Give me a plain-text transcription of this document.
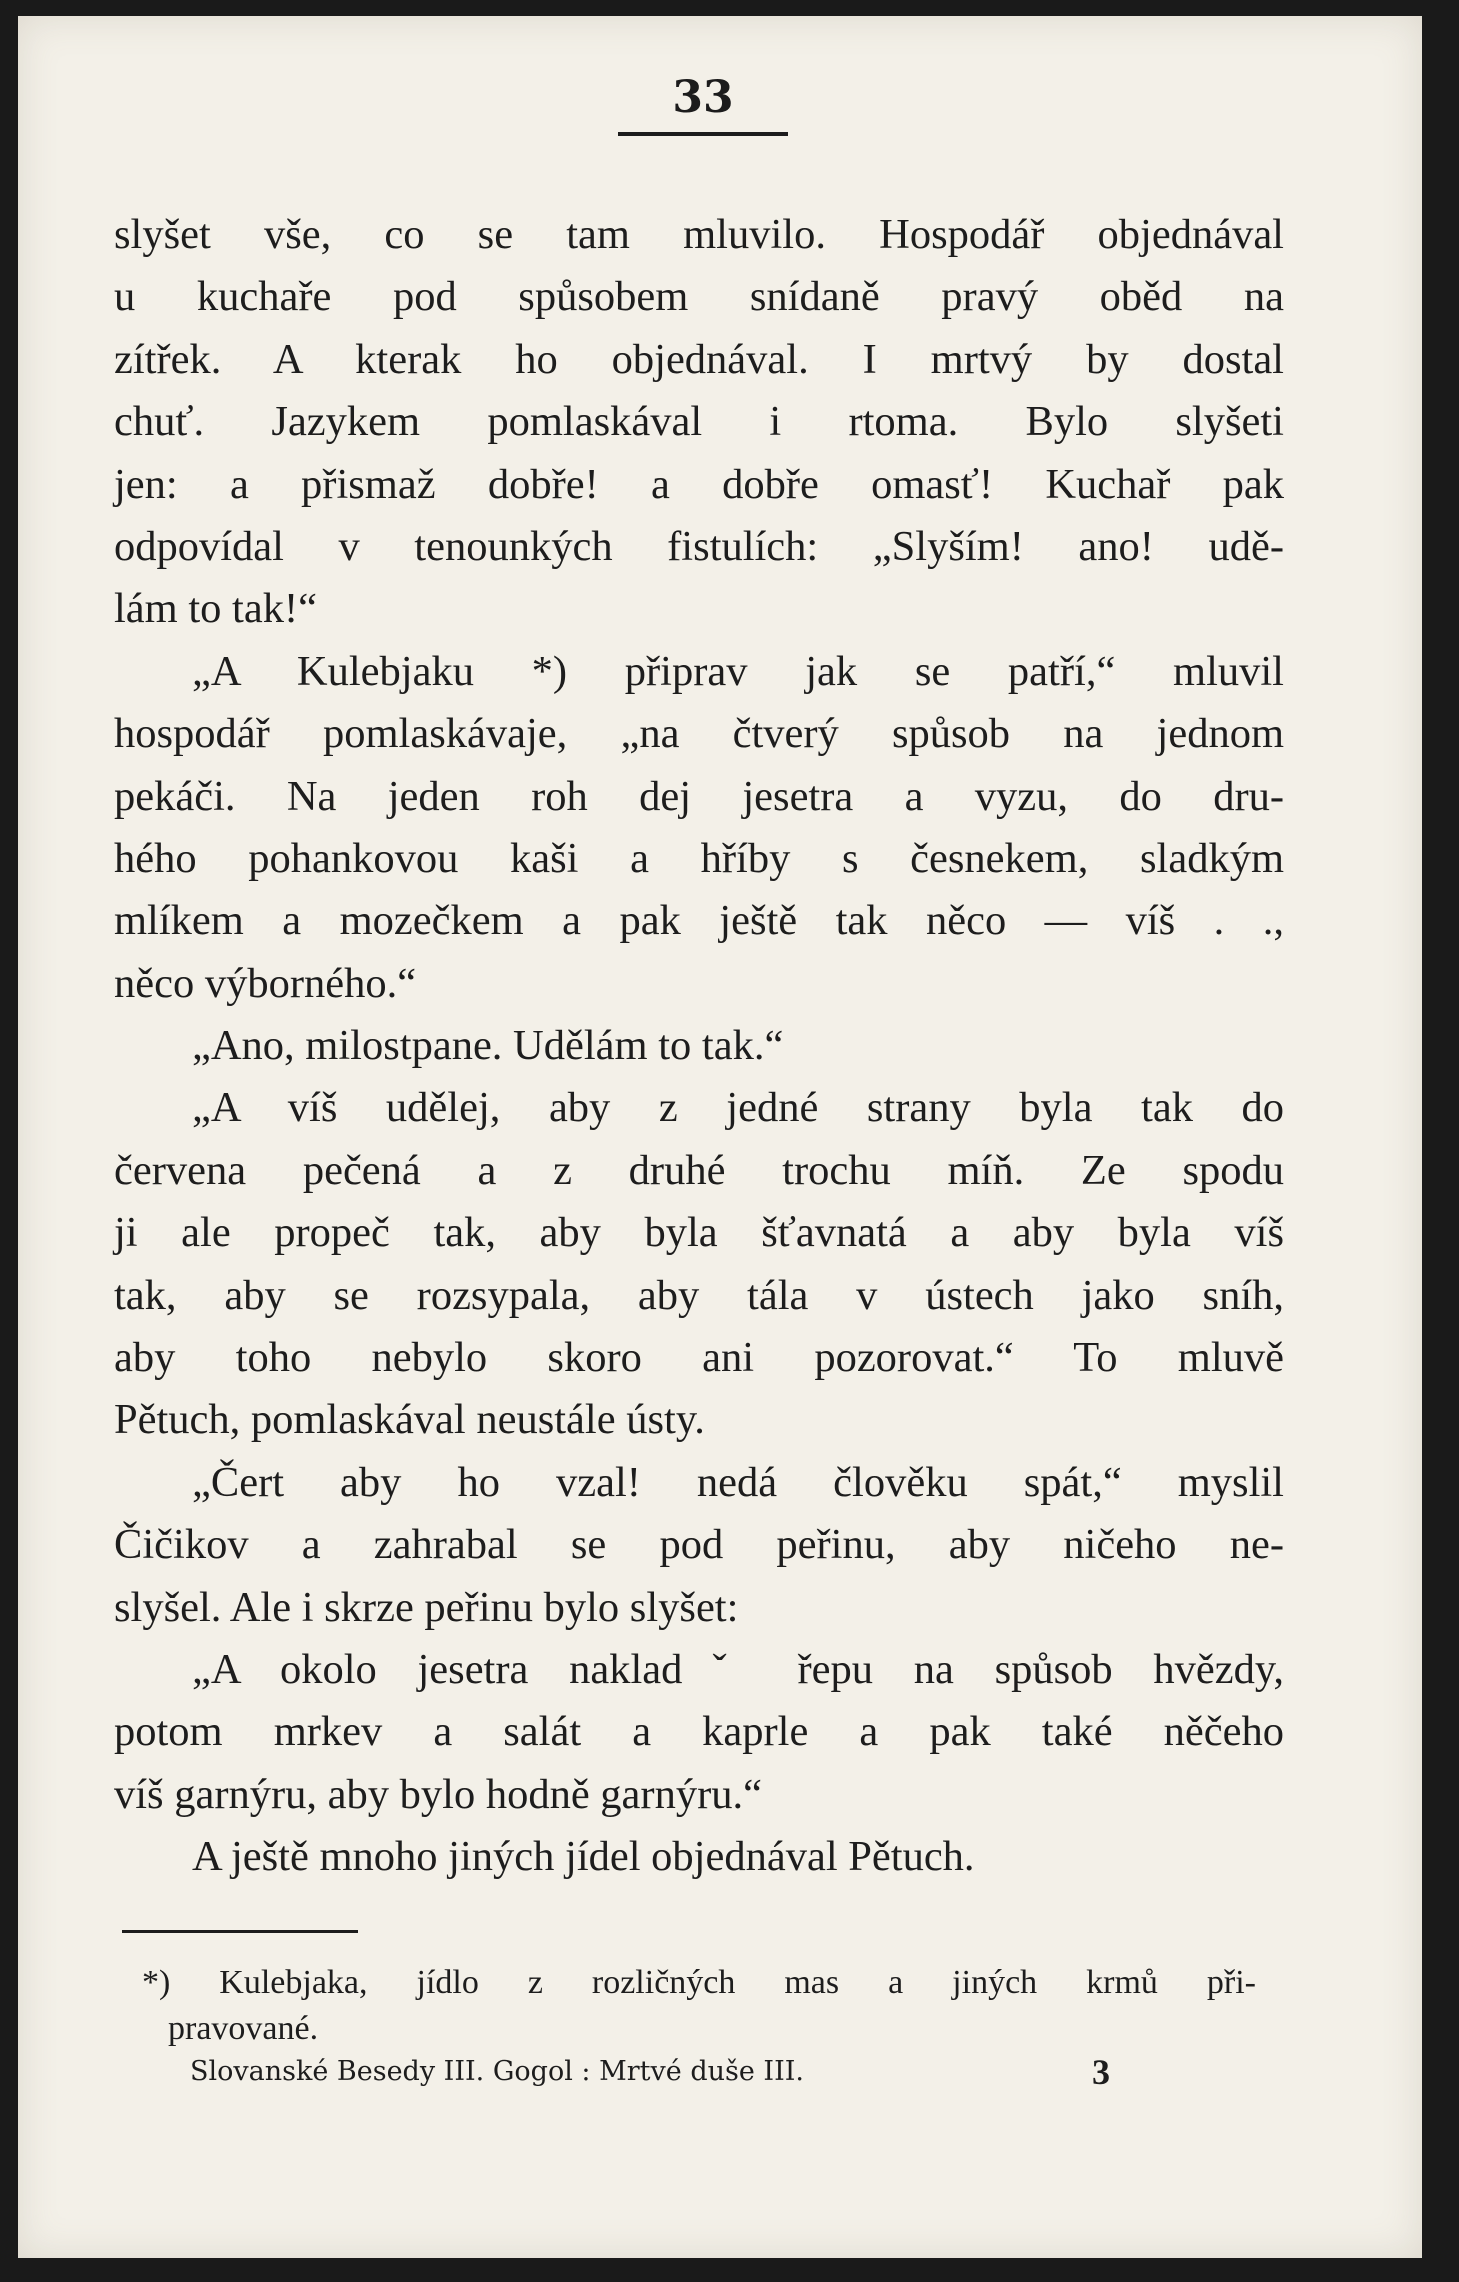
33
slyšet vše, co se tam mluvilo. Hospodář objednával
u kuchaře pod spůsobem snídaně pravý oběd na
zítřek. A kterak ho objednával. I mrtvý by dostal
chuť. Jazykem pomlaskával i rtoma. Bylo slyšeti
jen: a přismaž dobře! a dobře omasť! Kuchař pak
odpovídal v tenounkých fistulích: „Slyším! ano! udě-
lám to tak!“
„A Kulebjaku *) připrav jak se patří,“ mluvil
hospodář pomlaskávaje, „na čtverý spůsob na jednom
pekáči. Na jeden roh dej jesetra a vyzu, do dru-
hého pohankovou kaši a hříby s česnekem, sladkým
mlíkem a mozečkem a pak ještě tak něco — víš . .,
něco výborného.“
„Ano, milostpane. Udělám to tak.“
„A víš udělej, aby z jedné strany byla tak do
červena pečená a z druhé trochu míň. Ze spodu
ji ale propeč tak, aby byla šťavnatá a aby byla víš
tak, aby se rozsypala, aby tála v ústech jako sníh,
aby toho nebylo skoro ani pozorovat.“ To mluvě
Pětuch, pomlaskával neustále ústy.
„Čert aby ho vzal! nedá člověku spát,“ myslil
Čičikov a zahrabal se pod peřinu, aby ničeho ne-
slyšel. Ale i skrze peřinu bylo slyšet:
„A okolo jesetra nakladˇ řepu na spůsob hvězdy,
potom mrkev a salát a kaprle a pak také něčeho
víš garnýru, aby bylo hodně garnýru.“
A ještě mnoho jiných jídel objednával Pětuch.
*) Kulebjaka, jídlo z rozličných mas a jiných krmů při-
pravované.
Slovanské Besedy III. Gogol : Mrtvé duše III.	3
